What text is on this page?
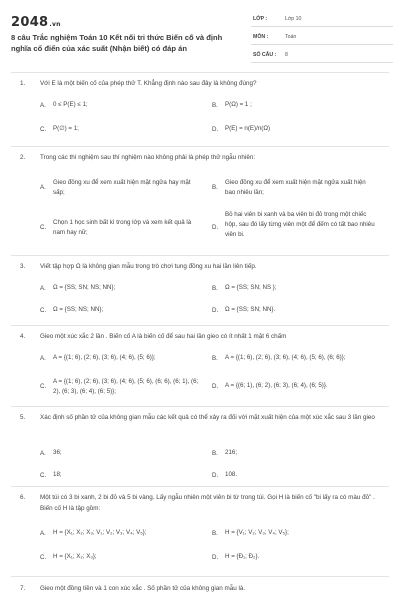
2048.vn
8 câu Trắc nghiệm Toán 10 Kết nối tri thức Biến cố và định nghĩa cổ điển của xác suất (Nhận biết) có đáp án
LỚP :	Lớp 10
MÔN :	Toán
SỐ CÂU : 8
1. Với E là một biến cố của phép thử T. Khẳng định nào sau đây là không đúng?
A. 0 ≤ P(E) ≤ 1;	B. P(Ω) = 1 ;
C. P(∅) = 1;	D. P(E) = n(E)/n(Ω)
2. Trong các thí nghiệm sau thí nghiệm nào không phải là phép thử ngẫu nhiên:
A.
Gieo đồng xu để xem xuất hiện mặt ngửa hay mặt sấp;
B.
Gieo đồng xu để xem xuất hiện mặt ngửa xuất hiện bao nhiêu lần;
C.
Chọn 1 học sinh bất kì trong lớp và xem kết quả là nam hay nữ;
D.
Bỏ hai viên bi xanh và ba viên bi đỏ trong một chiếc hộp, sau đó lấy từng viên một để đếm có tất bao nhiêu viên bi.
3. Viết tập hợp Ω là không gian mẫu trong trò chơi tung đồng xu hai lần liên tiếp.
A. Ω = {SS; SN; NS; NN};	B. Ω = {SS; SN; NS };
C. Ω = {SS; NS; NN};	D. Ω = {SS; SN; NN}.
4. Gieo một xúc xắc 2 lần . Biến cố A là biến cố để sau hai lần gieo có ít nhất 1 mặt 6 chấm
A. A = {(1; 6), (2; 6), (3; 6), (4; 6), (5; 6)};	B. A = {(1; 6), (2; 6), (3; 6), (4; 6), (5; 6), (6; 6)};
C.
A = {(1; 6), (2; 6), (3; 6), (4; 6), (5; 6), (6; 6), (6; 1), (6; 2), (6; 3), (6; 4), (6; 5)};
D. A = {(6; 1), (6; 2), (6; 3), (6; 4), (6; 5)}.
5. Xác định số phần tử của không gian mẫu các kết quả có thể xảy ra đối với mặt xuất hiện của một xúc xắc sau 3 lần gieo
A. 36;	B. 216;
C. 18;	D. 108.
6. Một túi có 3 bi xanh, 2 bi đỏ và 5 bi vàng. Lấy ngẫu nhiên một viên bi từ trong túi. Gọi H là biến cố "bi lấy ra có màu đỏ" . Biến cố H là tập gồm:
A. H = {X₁; X₂; X₃; V₁; V₂; V₃; V₄; V₅};	B. H = {V₁; V₂; V₃; V₄; V₅};
C. H = {X₁; X₂; X₃};	D. H = {Đ₁; Đ₂}.
7. Gieo một đồng tiền và 1 con xúc xắc . Số phần tử của không gian mẫu là.
